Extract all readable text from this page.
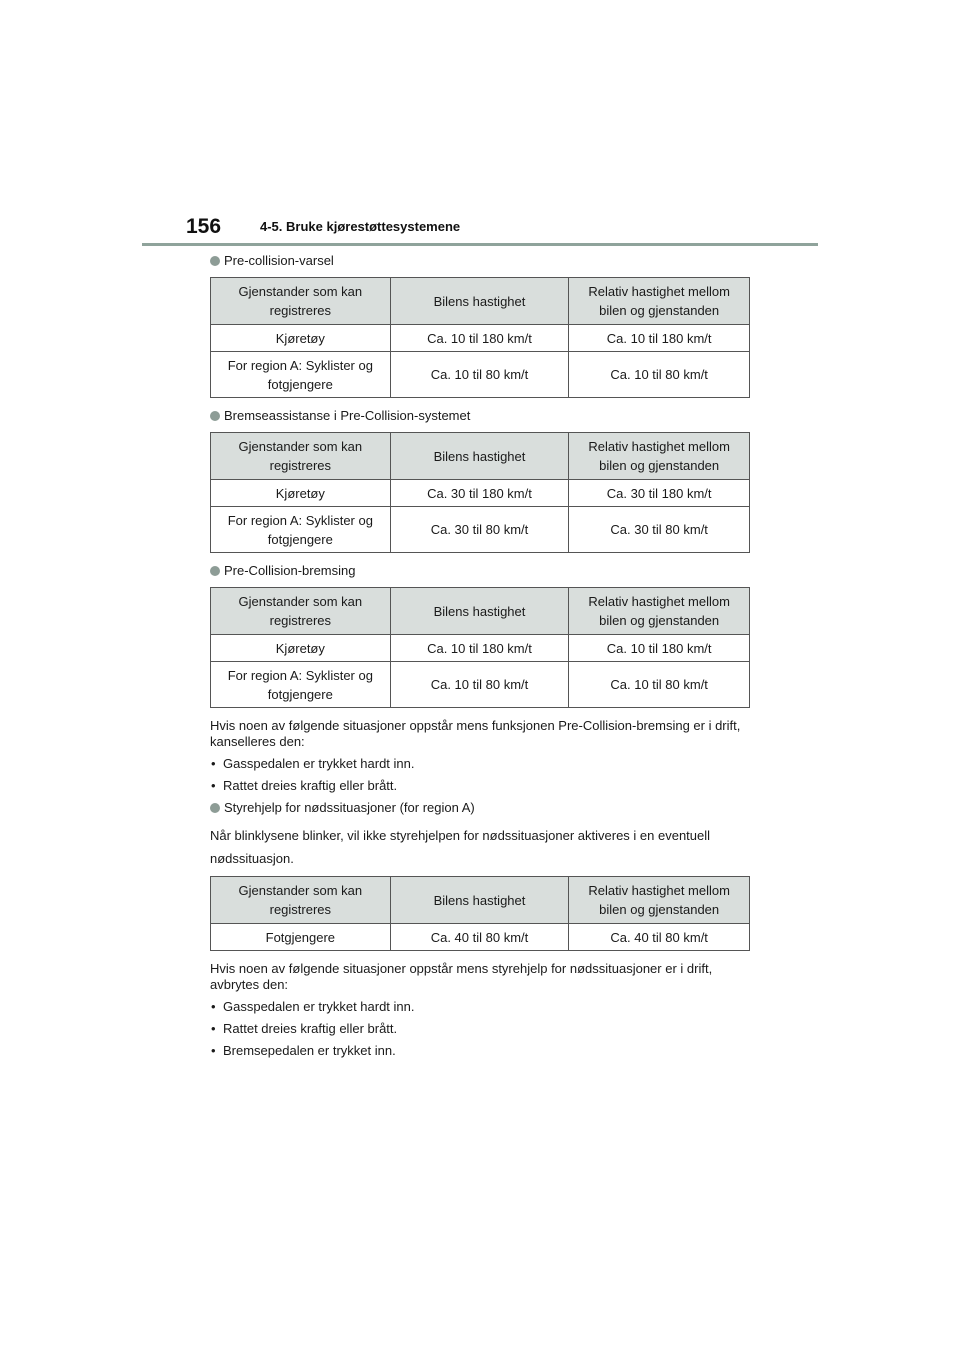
156	4-5. Bruke kjørestøttesystemene
Pre-collision-varsel
Gjenstander som kan registreres	Bilens hastighet	Relativ hastighet mellom bilen og gjenstanden
Kjøretøy	Ca. 10 til 180 km/t	Ca. 10 til 180 km/t
For region A: Syklister og fotgjengere	Ca. 10 til 80 km/t	Ca. 10 til 80 km/t
Bremseassistanse i Pre-Collision-systemet
Gjenstander som kan registreres	Bilens hastighet	Relativ hastighet mellom bilen og gjenstanden
Kjøretøy	Ca. 30 til 180 km/t	Ca. 30 til 180 km/t
For region A: Syklister og fotgjengere	Ca. 30 til 80 km/t	Ca. 30 til 80 km/t
Pre-Collision-bremsing
Gjenstander som kan registreres	Bilens hastighet	Relativ hastighet mellom bilen og gjenstanden
Kjøretøy	Ca. 10 til 180 km/t	Ca. 10 til 180 km/t
For region A: Syklister og fotgjengere	Ca. 10 til 80 km/t	Ca. 10 til 80 km/t

Hvis noen av følgende situasjoner oppstår mens funksjonen Pre-Collision-bremsing er i drift, kanselleres den:

• Gasspedalen er trykket hardt inn.
• Rattet dreies kraftig eller brått.
Styrehjelp for nødssituasjoner (for region A)

Når blinklysene blinker, vil ikke styrehjelpen for nødssituasjoner aktiveres i en eventuell nødssituasjon.

Gjenstander som kan registreres	Bilens hastighet	Relativ hastighet mellom bilen og gjenstanden
Fotgjengere	Ca. 40 til 80 km/t	Ca. 40 til 80 km/t

Hvis noen av følgende situasjoner oppstår mens styrehjelp for nødssituasjoner er i drift, avbrytes den:

• Gasspedalen er trykket hardt inn.
• Rattet dreies kraftig eller brått.
• Bremsepedalen er trykket inn.
